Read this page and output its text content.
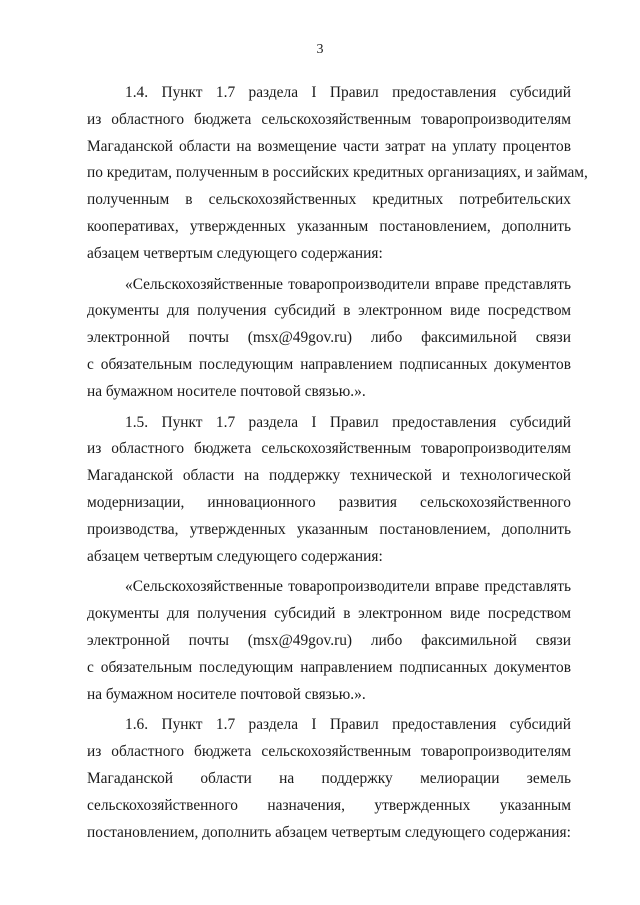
3
1.4. Пункт 1.7 раздела I Правил предоставления субсидий
из областного бюджета сельскохозяйственным товаропроизводителям
Магаданской области на возмещение части затрат на уплату процентов
по кредитам, полученным в российских кредитных организациях, и займам,
полученным в сельскохозяйственных кредитных потребительских
кооперативах, утвержденных указанным постановлением, дополнить
абзацем четвертым следующего содержания:
«Сельскохозяйственные товаропроизводители вправе представлять
документы для получения субсидий в электронном виде посредством
электронной почты (msx@49gov.ru) либо факсимильной связи
с обязательным последующим направлением подписанных документов
на бумажном носителе почтовой связью.».
1.5. Пункт 1.7 раздела I Правил предоставления субсидий
из областного бюджета сельскохозяйственным товаропроизводителям
Магаданской области на поддержку технической и технологической
модернизации, инновационного развития сельскохозяйственного
производства, утвержденных указанным постановлением, дополнить
абзацем четвертым следующего содержания:
«Сельскохозяйственные товаропроизводители вправе представлять
документы для получения субсидий в электронном виде посредством
электронной почты (msx@49gov.ru) либо факсимильной связи
с обязательным последующим направлением подписанных документов
на бумажном носителе почтовой связью.».
1.6. Пункт 1.7 раздела I Правил предоставления субсидий
из областного бюджета сельскохозяйственным товаропроизводителям
Магаданской области на поддержку мелиорации земель
сельскохозяйственного назначения, утвержденных указанным
постановлением, дополнить абзацем четвертым следующего содержания:
